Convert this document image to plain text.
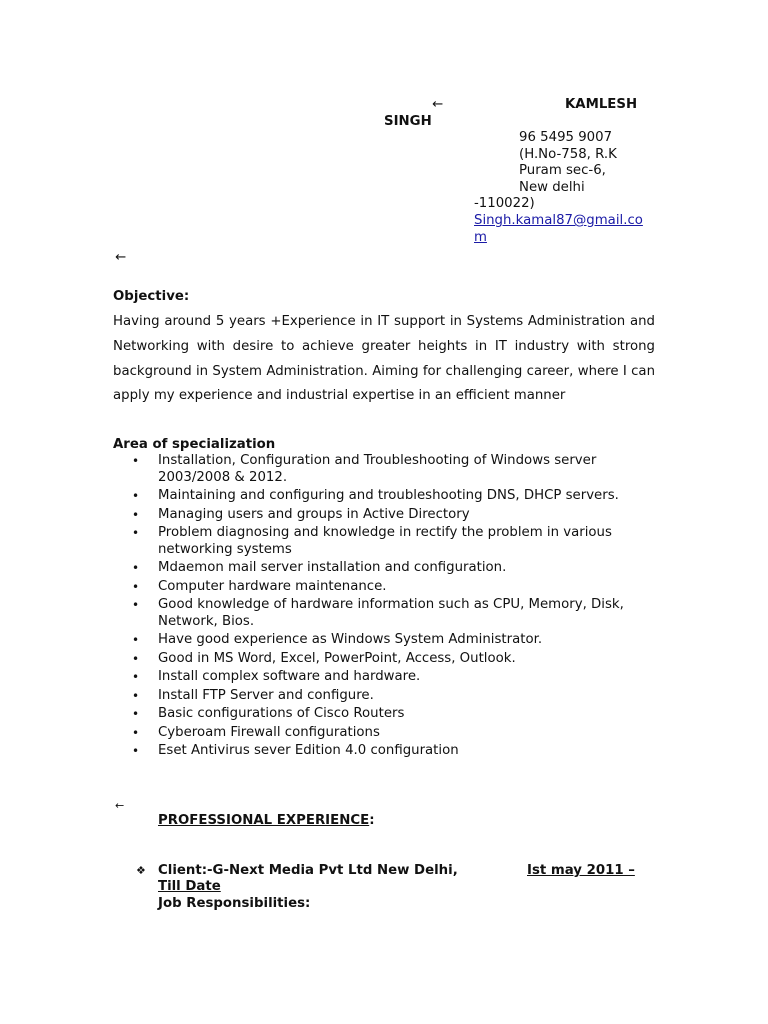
←	KAMLESH
SINGH
96 5495 9007
(H.No-758, R.K
Puram sec-6,
New delhi
-110022)
Singh.kamal87@gmail.co
m
←
Objective:
Having around 5 years +Experience in IT support in Systems Administration and Networking with desire to achieve greater heights in IT industry with strong background in System Administration. Aiming for challenging career, where I can apply my experience and industrial expertise in an efficient manner
Area of specialization
• Installation, Configuration and Troubleshooting of Windows server 2003/2008 & 2012.
• Maintaining and configuring and troubleshooting DNS, DHCP servers.
• Managing users and groups in Active Directory
• Problem diagnosing and knowledge in rectify the problem in various networking systems
• Mdaemon mail server installation and configuration.
• Computer hardware maintenance.
• Good knowledge of hardware information such as CPU, Memory, Disk, Network, Bios.
• Have good experience as Windows System Administrator.
• Good in MS Word, Excel, PowerPoint, Access, Outlook.
• Install complex software and hardware.
• Install FTP Server and configure.
• Basic configurations of Cisco Routers
• Cyberoam Firewall configurations
• Eset Antivirus sever Edition 4.0 configuration
←
PROFESSIONAL EXPERIENCE:
❖ Client:-G-Next Media Pvt Ltd New Delhi,	Ist may 2011 –
Till Date
Job Responsibilities:
